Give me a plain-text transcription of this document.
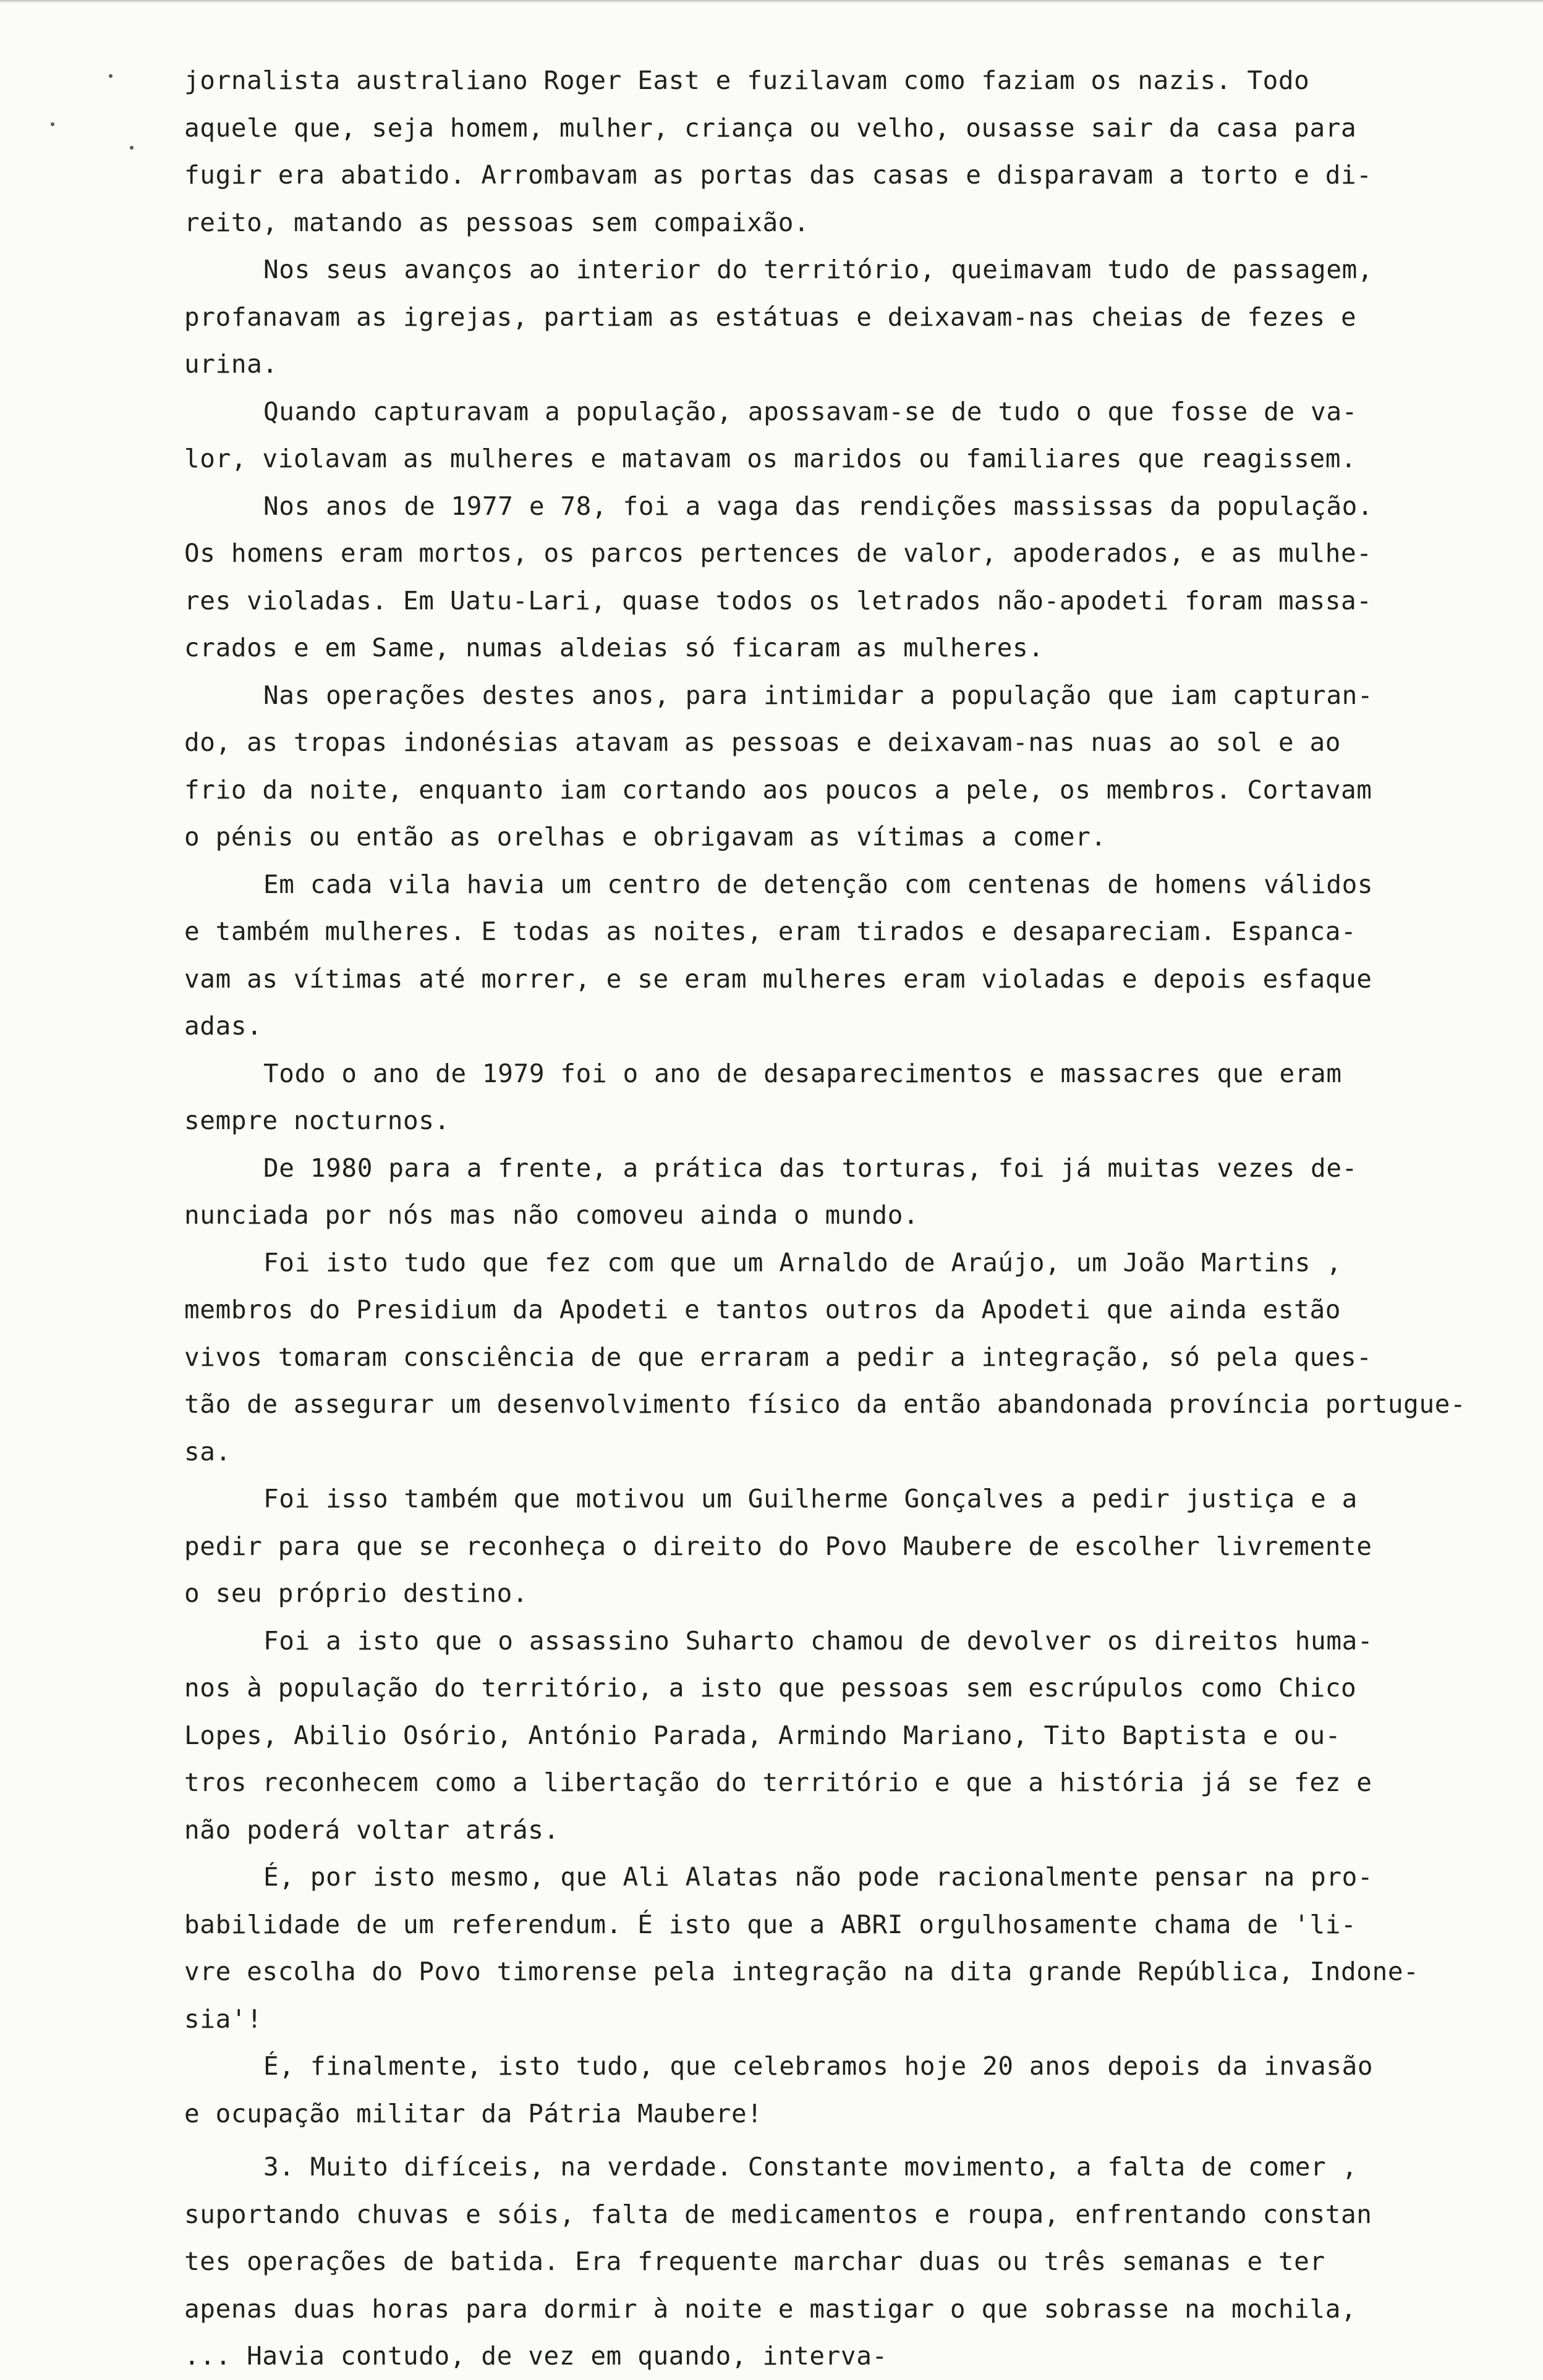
jornalista australiano Roger East e fuzilavam como faziam os nazis. Todo
aquele que, seja homem, mulher, criança ou velho, ousasse sair da casa para
fugir era abatido. Arrombavam as portas das casas e disparavam a torto e di-
reito, matando as pessoas sem compaixão.
Nos seus avanços ao interior do território, queimavam tudo de passagem,
profanavam as igrejas, partiam as estátuas e deixavam-nas cheias de fezes e
urina.
Quando capturavam a população, apossavam-se de tudo o que fosse de va-
lor, violavam as mulheres e matavam os maridos ou familiares que reagissem.
Nos anos de 1977 e 78, foi a vaga das rendições massissas da população.
Os homens eram mortos, os parcos pertences de valor, apoderados, e as mulhe-
res violadas. Em Uatu-Lari, quase todos os letrados não-apodeti foram massa-
crados e em Same, numas aldeias só ficaram as mulheres.
Nas operações destes anos, para intimidar a população que iam capturan-
do, as tropas indonésias atavam as pessoas e deixavam-nas nuas ao sol e ao
frio da noite, enquanto iam cortando aos poucos a pele, os membros. Cortavam
o pénis ou então as orelhas e obrigavam as vítimas a comer.
Em cada vila havia um centro de detenção com centenas de homens válidos
e também mulheres. E todas as noites, eram tirados e desapareciam. Espanca-
vam as vítimas até morrer, e se eram mulheres eram violadas e depois esfaque
adas.
Todo o ano de 1979 foi o ano de desaparecimentos e massacres que eram
sempre nocturnos.
De 1980 para a frente, a prática das torturas, foi já muitas vezes de-
nunciada por nós mas não comoveu ainda o mundo.
Foi isto tudo que fez com que um Arnaldo de Araújo, um João Martins ,
membros do Presidium da Apodeti e tantos outros da Apodeti que ainda estão
vivos tomaram consciência de que erraram a pedir a integração, só pela ques-
tão de assegurar um desenvolvimento físico da então abandonada província portugue-
sa.
Foi isso também que motivou um Guilherme Gonçalves a pedir justiça e a
pedir para que se reconheça o direito do Povo Maubere de escolher livremente
o seu próprio destino.
Foi a isto que o assassino Suharto chamou de devolver os direitos huma-
nos à população do território, a isto que pessoas sem escrúpulos como Chico
Lopes, Abilio Osório, António Parada, Armindo Mariano, Tito Baptista e ou-
tros reconhecem como a libertação do território e que a história já se fez e
não poderá voltar atrás.
É, por isto mesmo, que Ali Alatas não pode racionalmente pensar na pro-
babilidade de um referendum. É isto que a ABRI orgulhosamente chama de 'li-
vre escolha do Povo timorense pela integração na dita grande República, Indone-
sia'!
É, finalmente, isto tudo, que celebramos hoje 20 anos depois da invasão
e ocupação militar da Pátria Maubere!
3. Muito difíceis, na verdade. Constante movimento, a falta de comer ,
suportando chuvas e sóis, falta de medicamentos e roupa, enfrentando constan
tes operações de batida. Era frequente marchar duas ou três semanas e ter
apenas duas horas para dormir à noite e mastigar o que sobrasse na mochila,
... Havia contudo, de vez em quando, interva-
